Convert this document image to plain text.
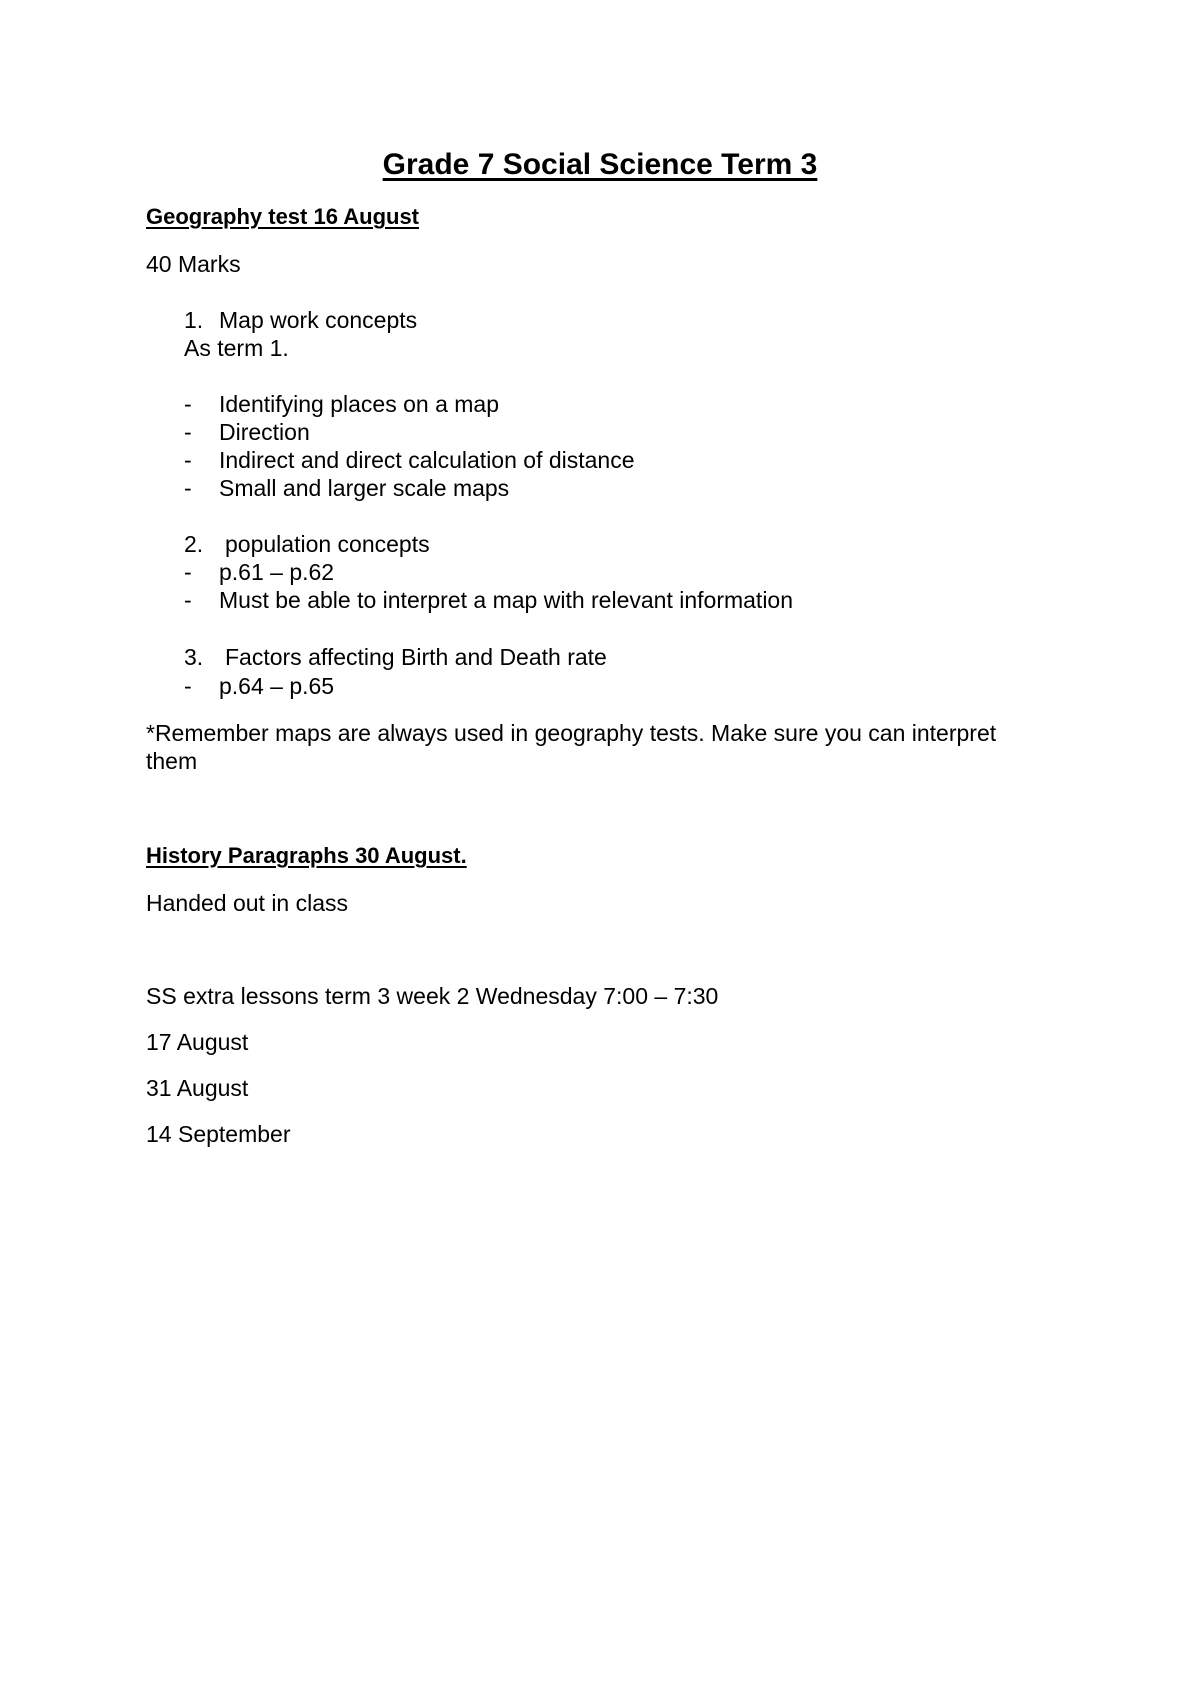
Grade 7 Social Science Term 3
Geography test 16 August
40 Marks
1. Map work concepts
As term 1.
- Identifying places on a map
- Direction
- Indirect and direct calculation of distance
- Small and larger scale maps
2. population concepts
- p.61 – p.62
- Must be able to interpret a map with relevant information
3. Factors affecting Birth and Death rate
- p.64 – p.65
*Remember maps are always used in geography tests. Make sure you can interpret
them
History Paragraphs 30 August.
Handed out in class
SS extra lessons term 3 week 2 Wednesday 7:00 – 7:30
17 August
31 August
14 September
